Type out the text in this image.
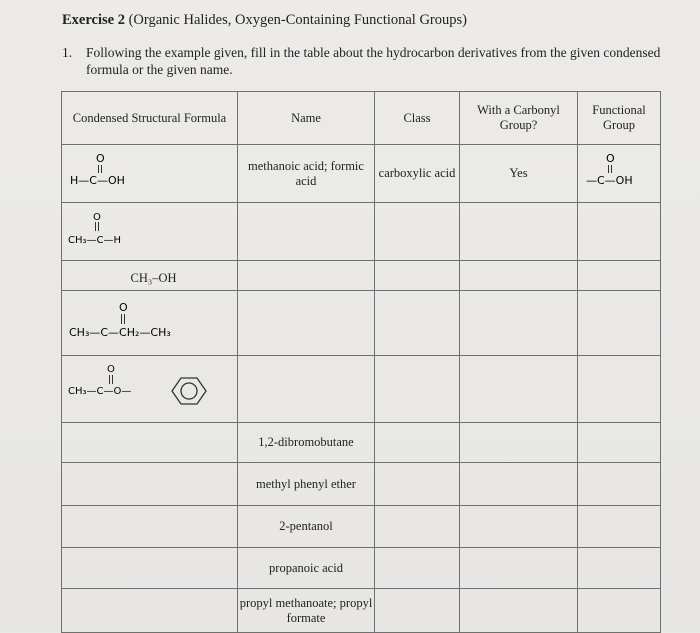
Exercise 2 (Organic Halides, Oxygen-Containing Functional Groups)
1. Following the example given, fill in the table about the hydrocarbon derivatives from the given condensed formula or the given name.
Condensed Structural Formula	Name	Class	With a Carbonyl Group?	Functional Group

O
H—C—OH	methanoic acid; formic acid	carboxylic acid	Yes	O
—C—OH

O
CH₃—C—H				

CH₃–OH				

O
CH₃—C—CH₂—CH₃				

O
CH₃—C—O—				

	1,2-dibromobutane			
	methyl phenyl ether			
	2-pentanol			
	propanoic acid			
	propyl methanoate; propyl formate			
